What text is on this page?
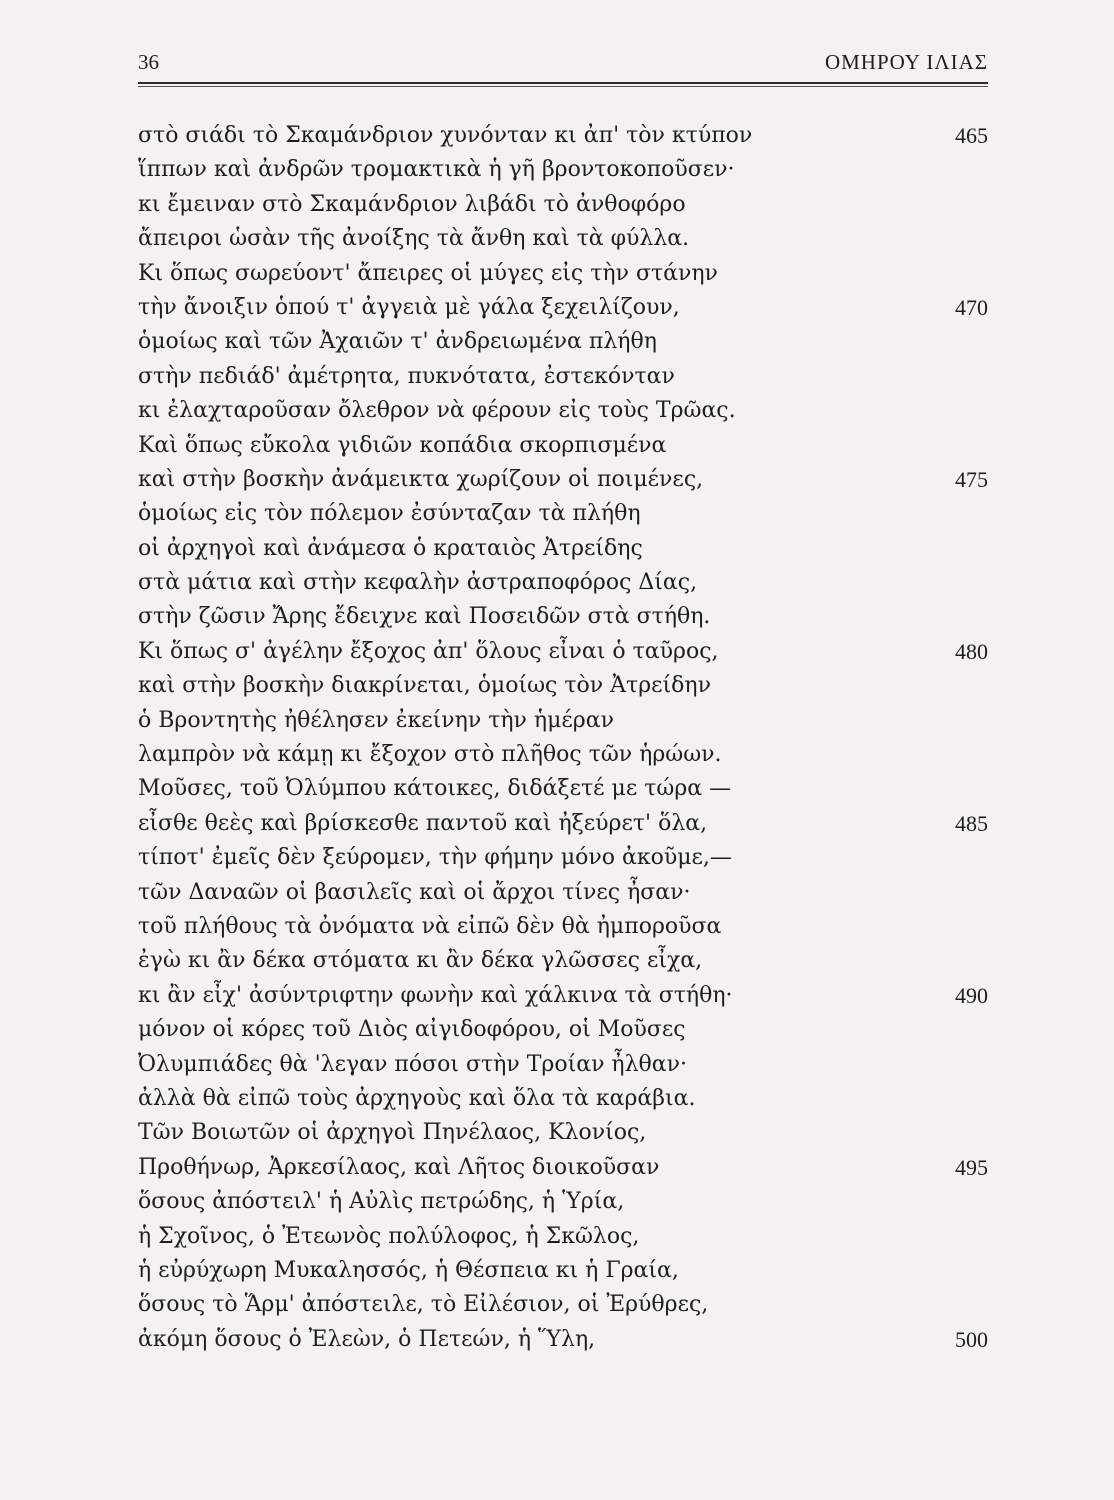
36	ΟΜΗΡΟΥ ΙΛΙΑΣ
στὸ σιάδι τὸ Σκαμάνδριον χυνόνταν κι ἀπ' τὸν κτύπον	465
ἵππων καὶ ἀνδρῶν τρομακτικὰ ἡ γῆ βροντοκοποῦσεν·
κι ἔμειναν στὸ Σκαμάνδριον λιβάδι τὸ ἀνθοφόρο
ἄπειροι ὡσὰν τῆς ἀνοίξης τὰ ἄνθη καὶ τὰ φύλλα.
Κι ὅπως σωρεύοντ' ἄπειρες οἱ μύγες εἰς τὴν στάνην
τὴν ἄνοιξιν ὁπού τ' ἀγγειὰ μὲ γάλα ξεχειλίζουν,	470
ὁμοίως καὶ τῶν Ἀχαιῶν τ' ἀνδρειωμένα πλήθη
στὴν πεδιάδ' ἀμέτρητα, πυκνότατα, ἐστεκόνταν
κι ἐλαχταροῦσαν ὄλεθρον νὰ φέρουν εἰς τοὺς Τρῶας.
Καὶ ὅπως εὔκολα γιδιῶν κοπάδια σκορπισμένα
καὶ στὴν βοσκὴν ἀνάμεικτα χωρίζουν οἱ ποιμένες,	475
ὁμοίως εἰς τὸν πόλεμον ἐσύνταζαν τὰ πλήθη
οἱ ἀρχηγοὶ καὶ ἀνάμεσα ὁ κραταιὸς Ἀτρείδης
στὰ μάτια καὶ στὴν κεφαλὴν ἀστραποφόρος Δίας,
στὴν ζῶσιν Ἄρης ἔδειχνε καὶ Ποσειδῶν στὰ στήθη.
Κι ὅπως σ' ἀγέλην ἔξοχος ἀπ' ὅλους εἶναι ὁ ταῦρος,	480
καὶ στὴν βοσκὴν διακρίνεται, ὁμοίως τὸν Ἀτρείδην
ὁ Βροντητὴς ἠθέλησεν ἐκείνην τὴν ἡμέραν
λαμπρὸν νὰ κάμῃ κι ἔξοχον στὸ πλῆθος τῶν ἡρώων.
Μοῦσες, τοῦ Ὀλύμπου κάτοικες, διδάξετέ με τώρα —
εἶσθε θεὲς καὶ βρίσκεσθε παντοῦ καὶ ἠξεύρετ' ὅλα,	485
τίποτ' ἐμεῖς δὲν ξεύρομεν, τὴν φήμην μόνο ἀκοῦμε,—
τῶν Δαναῶν οἱ βασιλεῖς καὶ οἱ ἄρχοι τίνες ἦσαν·
τοῦ πλήθους τὰ ὀνόματα νὰ εἰπῶ δὲν θὰ ἠμποροῦσα
ἐγὼ κι ἂν δέκα στόματα κι ἂν δέκα γλῶσσες εἶχα,
κι ἂν εἶχ' ἀσύντριφτην φωνὴν καὶ χάλκινα τὰ στήθη·	490
μόνον οἱ κόρες τοῦ Διὸς αἰγιδοφόρου, οἱ Μοῦσες
Ὀλυμπιάδες θὰ 'λεγαν πόσοι στὴν Τροίαν ἦλθαν·
ἀλλὰ θὰ εἰπῶ τοὺς ἀρχηγοὺς καὶ ὅλα τὰ καράβια.
Τῶν Βοιωτῶν οἱ ἀρχηγοὶ Πηνέλαος, Κλονίος,
Προθήνωρ, Ἀρκεσίλαος, καὶ Λῆτος διοικοῦσαν	495
ὅσους ἀπόστειλ' ἡ Αὐλὶς πετρώδης, ἡ Ὑρία,
ἡ Σχοῖνος, ὁ Ἐτεωνὸς πολύλοφος, ἡ Σκῶλος,
ἡ εὐρύχωρη Μυκαλησσός, ἡ Θέσπεια κι ἡ Γραία,
ὅσους τὸ Ἅρμ' ἀπόστειλε, τὸ Εἰλέσιον, οἱ Ἐρύθρες,
ἀκόμη ὅσους ὁ Ἐλεὼν, ὁ Πετεών, ἡ Ὕλη,	500
